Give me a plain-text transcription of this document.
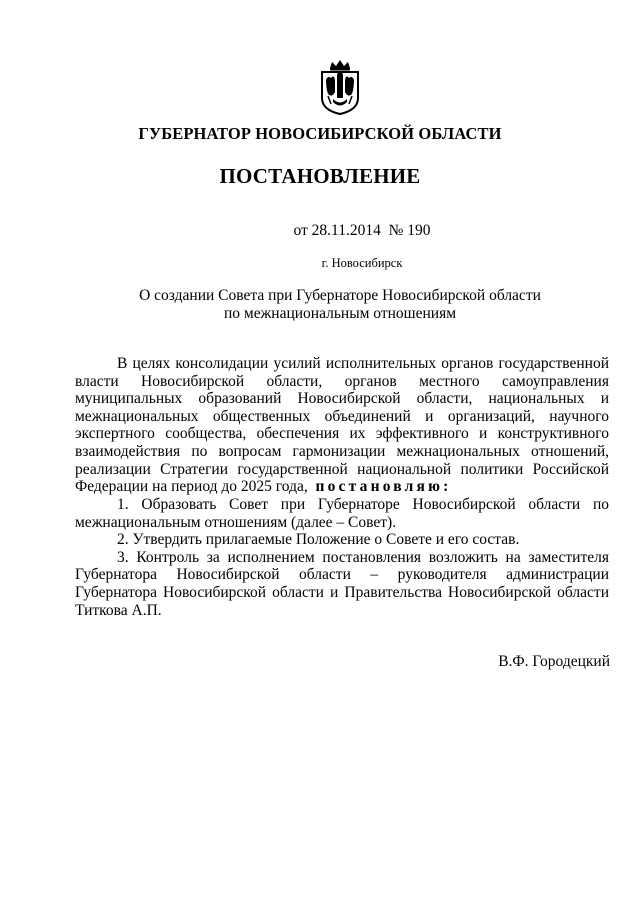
ГУБЕРНАТОР НОВОСИБИРСКОЙ ОБЛАСТИ
ПОСТАНОВЛЕНИЕ
от 28.11.2014  № 190
г. Новосибирск
О создании Совета при Губернаторе Новосибирской области
по межнациональным отношениям

В целях консолидации усилий исполнительных органов государственной власти Новосибирской области, органов местного самоуправления муниципальных образований Новосибирской области, национальных и межнациональных общественных объединений и организаций, научного экспертного сообщества, обеспечения их эффективного и конструктивного взаимодействия по вопросам гармонизации межнациональных отношений, реализации Стратегии государственной национальной политики Российской Федерации на период до 2025 года, постановляю:

1. Образовать Совет при Губернаторе Новосибирской области по межнациональным отношениям (далее – Совет).

2. Утвердить прилагаемые Положение о Совете и его состав.

3. Контроль за исполнением постановления возложить на заместителя Губернатора Новосибирской области – руководителя администрации Губернатора Новосибирской области и Правительства Новосибирской области Титкова А.П.

В.Ф. Городецкий
